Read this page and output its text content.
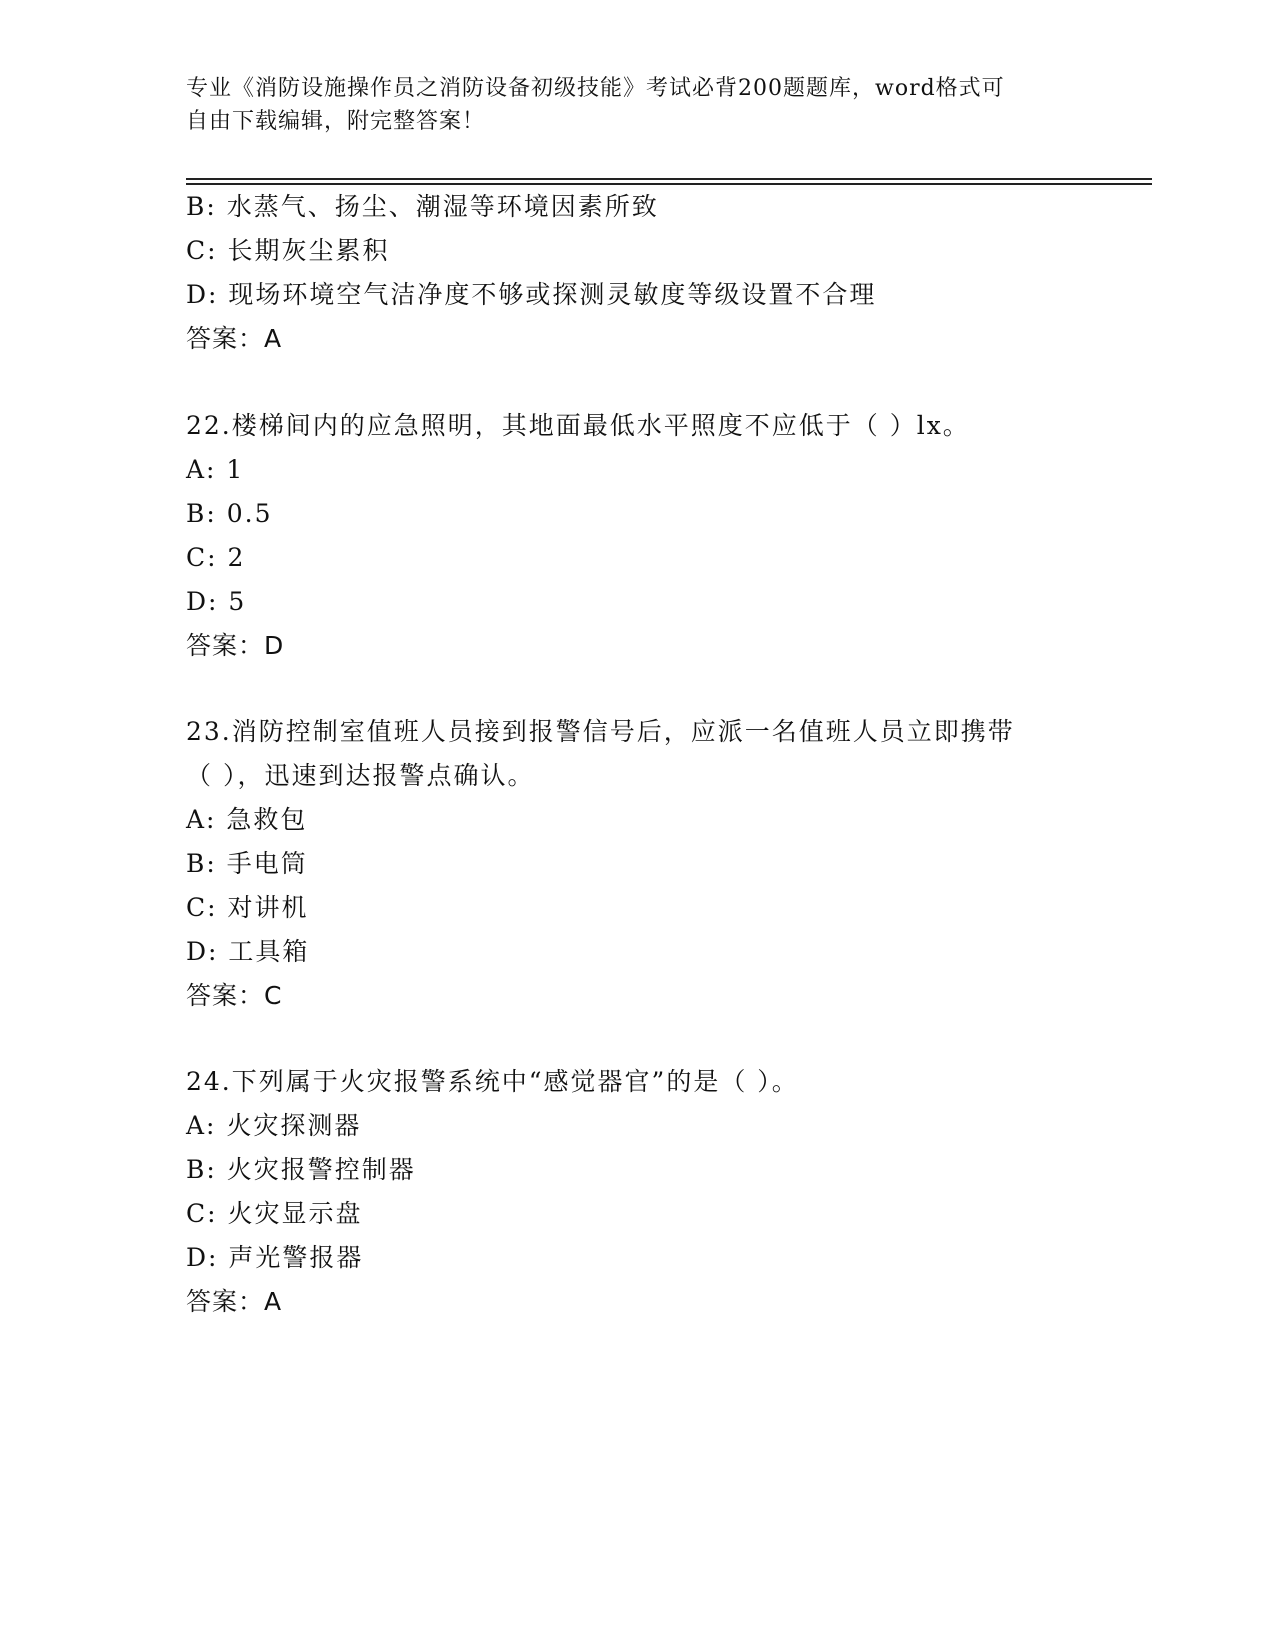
专业《消防设施操作员之消防设备初级技能》考试必背200题题库，word格式可
自由下载编辑，附完整答案！
B: 水蒸气、扬尘、潮湿等环境因素所致
C: 长期灰尘累积
D: 现场环境空气洁净度不够或探测灵敏度等级设置不合理
答案：A
22.楼梯间内的应急照明，其地面最低水平照度不应低于（ ）lx。
A: 1
B: 0.5
C: 2
D: 5
答案：D
23.消防控制室值班人员接到报警信号后，应派一名值班人员立即携带
（ ），迅速到达报警点确认。
A: 急救包
B: 手电筒
C: 对讲机
D: 工具箱
答案：C
24.下列属于火灾报警系统中“感觉器官”的是（ ）。
A: 火灾探测器
B: 火灾报警控制器
C: 火灾显示盘
D: 声光警报器
答案：A
